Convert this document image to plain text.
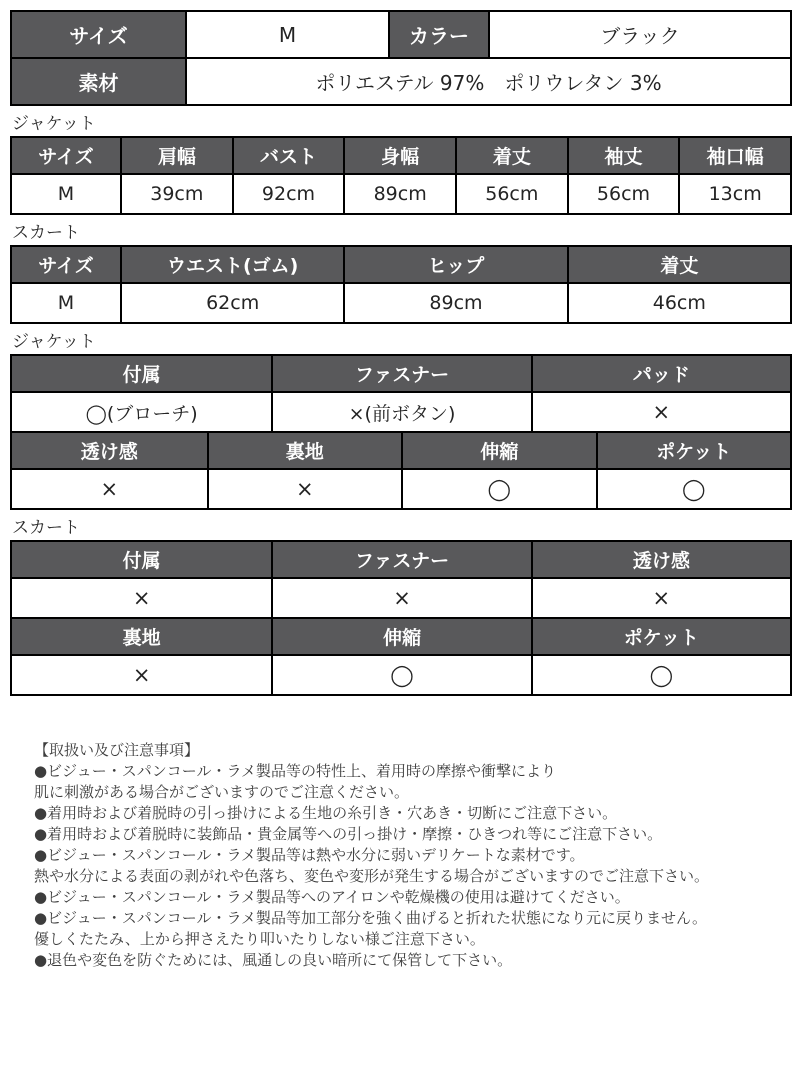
サイズ	M	カラー	ブラック
素材	ポリエステル 97%　ポリウレタン 3%
ジャケット
サイズ	肩幅	バスト	身幅	着丈	袖丈	袖口幅
M	39cm	92cm	89cm	56cm	56cm	13cm
スカート
サイズ	ウエスト(ゴム)	ヒップ	着丈
M	62cm	89cm	46cm
ジャケット
付属	ファスナー	パッド
◯(ブローチ)	×(前ボタン)	×
透け感	裏地	伸縮	ポケット
×	×	◯	◯
スカート
付属	ファスナー	透け感
×	×	×
裏地	伸縮	ポケット
×	◯	◯
【取扱い及び注意事項】
●ビジュー・スパンコール・ラメ製品等の特性上、着用時の摩擦や衝撃により
肌に刺激がある場合がございますのでご注意ください。
●着用時および着脱時の引っ掛けによる生地の糸引き・穴あき・切断にご注意下さい。
●着用時および着脱時に装飾品・貴金属等への引っ掛け・摩擦・ひきつれ等にご注意下さい。
●ビジュー・スパンコール・ラメ製品等は熱や水分に弱いデリケートな素材です。
熱や水分による表面の剥がれや色落ち、変色や変形が発生する場合がございますのでご注意下さい。
●ビジュー・スパンコール・ラメ製品等へのアイロンや乾燥機の使用は避けてください。
●ビジュー・スパンコール・ラメ製品等加工部分を強く曲げると折れた状態になり元に戻りません。
優しくたたみ、上から押さえたり叩いたりしない様ご注意下さい。
●退色や変色を防ぐためには、風通しの良い暗所にて保管して下さい。
